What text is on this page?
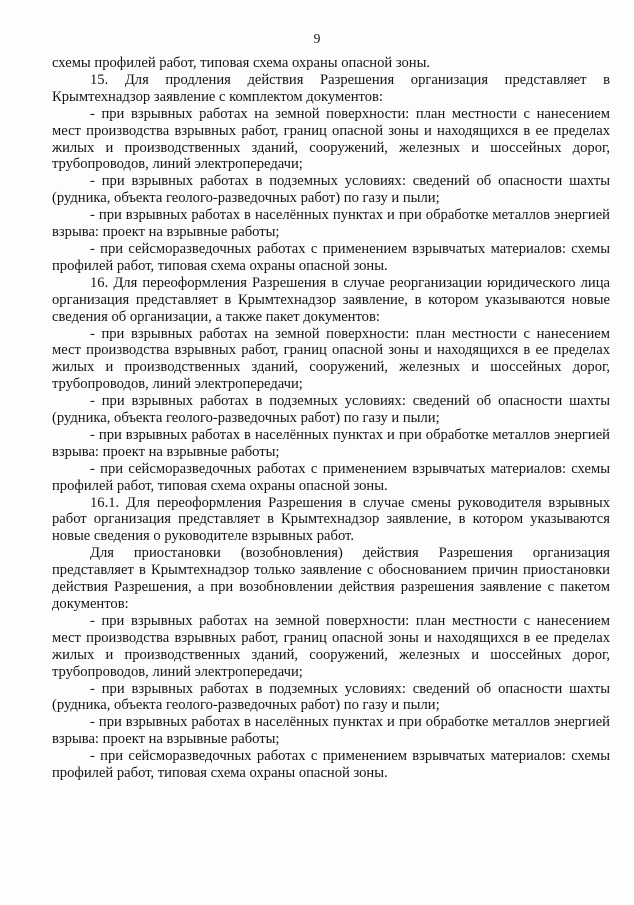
9

схемы профилей работ, типовая схема охраны опасной зоны.

15. Для продления действия Разрешения организация представляет в Крымтехнадзор заявление с комплектом документов:

- при взрывных работах на земной поверхности: план местности с нанесением мест производства взрывных работ, границ опасной зоны и находящихся в ее пределах жилых и производственных зданий, сооружений, железных и шоссейных дорог, трубопроводов, линий электропередачи;

- при взрывных работах в подземных условиях: сведений об опасности шахты (рудника, объекта геолого-разведочных работ) по газу и пыли;

- при взрывных работах в населённых пунктах и при обработке металлов энергией взрыва: проект на взрывные работы;

- при сейсморазведочных работах с применением взрывчатых материалов: схемы профилей работ, типовая схема охраны опасной зоны.

16. Для переоформления Разрешения в случае реорганизации юридического лица организация представляет в Крымтехнадзор заявление, в котором указываются новые сведения об организации, а также пакет документов:

- при взрывных работах на земной поверхности: план местности с нанесением мест производства взрывных работ, границ опасной зоны и находящихся в ее пределах жилых и производственных зданий, сооружений, железных и шоссейных дорог, трубопроводов, линий электропередачи;

- при взрывных работах в подземных условиях: сведений об опасности шахты (рудника, объекта геолого-разведочных работ) по газу и пыли;

- при взрывных работах в населённых пунктах и при обработке металлов энергией взрыва: проект на взрывные работы;

- при сейсморазведочных работах с применением взрывчатых материалов: схемы профилей работ, типовая схема охраны опасной зоны.

16.1. Для переоформления Разрешения в случае смены руководителя взрывных работ организация представляет в Крымтехнадзор заявление, в котором указываются новые сведения о руководителе взрывных работ.

Для приостановки (возобновления) действия Разрешения организация представляет в Крымтехнадзор только заявление с обоснованием причин приостановки действия Разрешения, а при возобновлении действия разрешения заявление с пакетом документов:

- при взрывных работах на земной поверхности: план местности с нанесением мест производства взрывных работ, границ опасной зоны и находящихся в ее пределах жилых и производственных зданий, сооружений, железных и шоссейных дорог, трубопроводов, линий электропередачи;

- при взрывных работах в подземных условиях: сведений об опасности шахты (рудника, объекта геолого-разведочных работ) по газу и пыли;

- при взрывных работах в населённых пунктах и при обработке металлов энергией взрыва: проект на взрывные работы;

- при сейсморазведочных работах с применением взрывчатых материалов: схемы профилей работ, типовая схема охраны опасной зоны.
